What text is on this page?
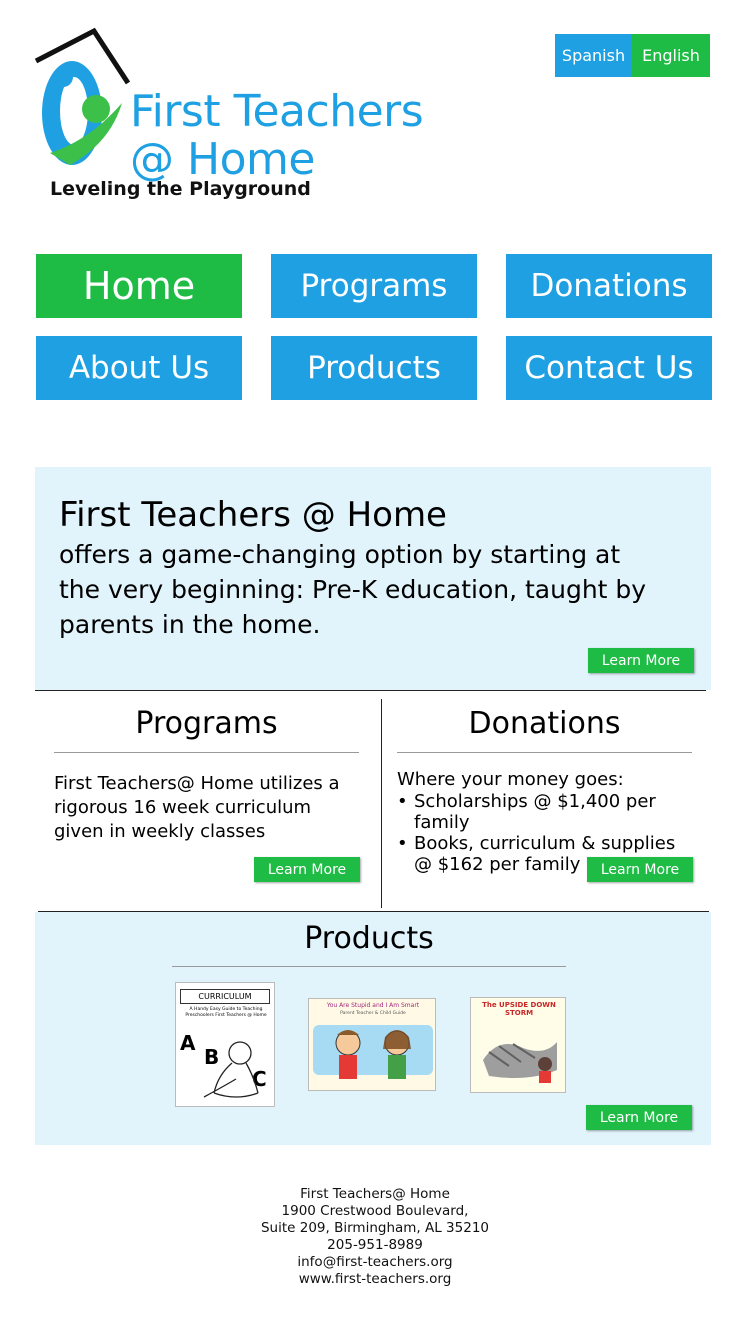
First Teachers
@ Home
Leveling the Playground
Spanish	English
Home	Programs	Donations
About Us	Products	Contact Us
First Teachers @ Home
offers a game-changing option by starting at the very beginning: Pre-K education, taught by parents in the home.
Learn More
Programs
First Teachers@ Home utilizes a rigorous 16 week curriculum given in weekly classes
Learn More
Donations
Where your money goes:
• Scholarships @ $1,400 per family
• Books, curriculum & supplies @ $162 per family	Learn More
Products
CURRICULUM
A Handy Easy Guide to Teaching Preschoolers First Teachers @ Home
A
B
C
You Are Stupid and I Am Smart
Parent Teacher & Child Guide
The UPSIDE DOWN STORM
Learn More
First Teachers@ Home
1900 Crestwood Boulevard,
Suite 209, Birmingham, AL 35210
205-951-8989
info@first-teachers.org
www.first-teachers.org
